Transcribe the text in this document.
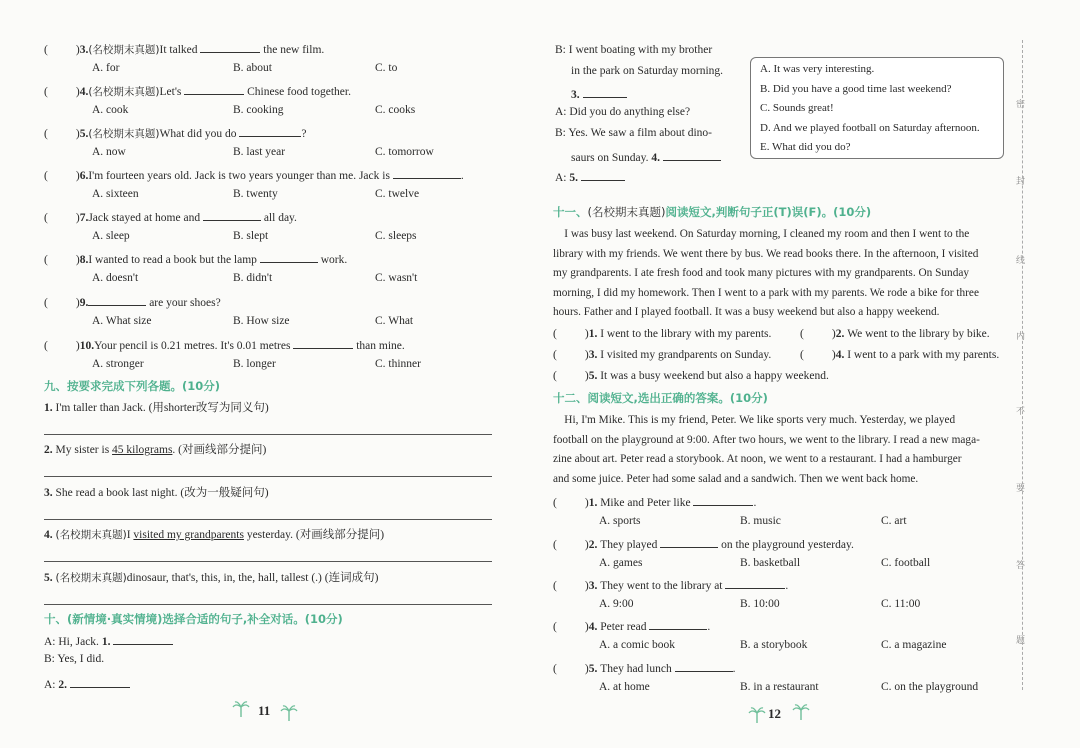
( )3.(名校期末真题)It talked	the new film.
A. for	B. about	C. to
( )4.(名校期末真题)Let's	Chinese food together.
A. cook	B. cooking	C. cooks
( )5.(名校期末真题)What did you do	?
A. now	B. last year	C. tomorrow
( )6.I'm fourteen years old. Jack is two years younger than me. Jack is	.
A. sixteen	B. twenty	C. twelve
( )7.Jack stayed at home and	all day.
A. sleep	B. slept	C. sleeps
( )8.I wanted to read a book but the lamp	work.
A. doesn't	B. didn't	C. wasn't
( )9.	are your shoes?
A. What size	B. How size	C. What
( )10.Your pencil is 0.21 metres. It's 0.01 metres	than mine.
A. stronger	B. longer	C. thinner
九、按要求完成下列各题。(10分)
1. I'm taller than Jack. (用shorter改写为同义句)
2. My sister is 45 kilograms. (对画线部分提问)
3. She read a book last night. (改为一般疑问句)
4. (名校期末真题)I visited my grandparents yesterday. (对画线部分提问)
5. (名校期末真题)dinosaur, that's, this, in, the, hall, tallest (.) (连词成句)
十、(新情境·真实情境)选择合适的句子,补全对话。(10分)
A: Hi, Jack. 1.
B: Yes, I did.
A: 2.
11
B: I went boating with my brother
in the park on Saturday morning.
3.
A: Did you do anything else?
B: Yes. We saw a film about dino-
saurs on Sunday. 4.
A: 5.
A. It was very interesting.
B. Did you have a good time last weekend?
C. Sounds great!
D. And we played football on Saturday afternoon.
E. What did you do?
十一、(名校期末真题)阅读短文,判断句子正(T)误(F)。(10分)
I was busy last weekend. On Saturday morning, I cleaned my room and then I went to the
library with my friends. We went there by bus. We read books there. In the afternoon, I visited
my grandparents. I ate fresh food and took many pictures with my grandparents. On Sunday
morning, I did my homework. Then I went to a park with my parents. We rode a bike for three
hours. Father and I played football. It was a busy weekend but also a happy weekend.
( )1. I went to the library with my parents. ( )2. We went to the library by bike.
( )3. I visited my grandparents on Sunday. ( )4. I went to a park with my parents.
( )5. It was a busy weekend but also a happy weekend.
十二、阅读短文,选出正确的答案。(10分)
Hi, I'm Mike. This is my friend, Peter. We like sports very much. Yesterday, we played
football on the playground at 9:00. After two hours, we went to the library. I read a new maga-
zine about art. Peter read a storybook. At noon, we went to a restaurant. I had a hamburger
and some juice. Peter had some salad and a sandwich. Then we went back home.
( )1. Mike and Peter like	.
A. sports	B. music	C. art
( )2. They played	on the playground yesterday.
A. games	B. basketball	C. football
( )3. They went to the library at	.
A. 9:00	B. 10:00	C. 11:00
( )4. Peter read	.
A. a comic book	B. a storybook	C. a magazine
( )5. They had lunch	.
A. at home	B. in a restaurant	C. on the playground
12
密
封
线
内
不
要
答
题
